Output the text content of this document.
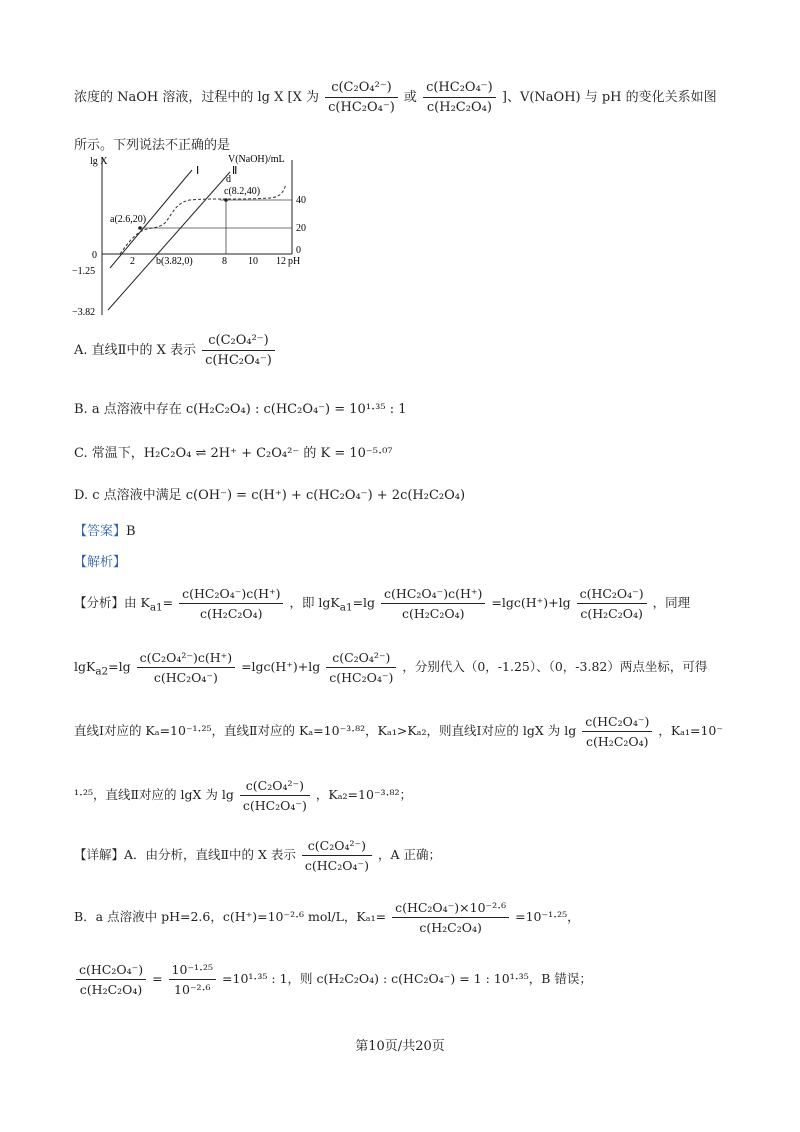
浓度的 NaOH 溶液，过程中的 lg X [X 为 $\frac{\text{c(C₂O₄²⁻)}}{\text{c(HC₂O₄⁻)}}$ 或 $\frac{\text{c(HC₂O₄⁻)}}{\text{c(H₂C₂O₄)}}$ ]、V(NaOH) 与 pH 的变化关系如图
所示。下列说法不正确的是
lg X	V(NaOH)/mL
pH
Ⅰ	Ⅱ
a(2.6,20)
b(3.82,0)
c(8.2,40)
d
0
2	8 10 12
−1.25
−3.82
40
20
0
A. 直线Ⅱ中的 X 表示 $\frac{\text{c(C₂O₄²⁻)}}{\text{c(HC₂O₄⁻)}}$
B. a 点溶液中存在 c(H₂C₂O₄) : c(HC₂O₄⁻) = 10¹·³⁵ : 1
C. 常温下，H₂C₂O₄ ⇌ 2H⁺ + C₂O₄²⁻ 的 K = 10⁻⁵·⁰⁷
D. c 点溶液中满足 c(OH⁻) = c(H⁺) + c(HC₂O₄⁻) + 2c(H₂C₂O₄)
【答案】B
【解析】
【分析】由 $K_{a1}= \frac{\text{c(HC₂O₄⁻)c(H⁺)}}{\text{c(H₂C₂O₄)}}$ ，即 $\lg K_{a1}=\lg \frac{\text{c(HC₂O₄⁻)c(H⁺)}}{\text{c(H₂C₂O₄)}} =\lg c(H^+)+\lg \frac{\text{c(HC₂O₄⁻)}}{\text{c(H₂C₂O₄)}}$ ，同理
$\lg K_{a2}=\lg \frac{\text{c(C₂O₄²⁻)c(H⁺)}}{\text{c(HC₂O₄⁻)}} =\lg c(H^+)+\lg \frac{\text{c(C₂O₄²⁻)}}{\text{c(HC₂O₄⁻)}}$ ，分别代入（0，-1.25）、（0，-3.82）两点坐标，可得
直线Ⅰ对应的 Kₐ=10⁻¹·²⁵，直线Ⅱ对应的 Kₐ=10⁻³·⁸²，Kₐ₁>Kₐ₂，则直线Ⅰ对应的 lgX 为 $\lg \frac{\text{c(HC₂O₄⁻)}}{\text{c(H₂C₂O₄)}}$ ，Kₐ₁=10⁻
¹·²⁵，直线Ⅱ对应的 lgX 为 $\lg \frac{\text{c(C₂O₄²⁻)}}{\text{c(HC₂O₄⁻)}}$ ，Kₐ₂=10⁻³·⁸²；
【详解】A．由分析，直线Ⅱ中的 X 表示 $\frac{\text{c(C₂O₄²⁻)}}{\text{c(HC₂O₄⁻)}}$ ，A 正确；
B．a 点溶液中 pH=2.6，c(H⁺)=10⁻²·⁶ mol/L，$K_{a1}= \frac{\text{c(HC₂O₄⁻)×10⁻²·⁶}}{\text{c(H₂C₂O₄)}} =10^{-1}\cdot^{25}$，
$\frac{\text{c(HC₂O₄⁻)}}{\text{c(H₂C₂O₄)}} = \frac{\text{10⁻¹·²⁵}}{\text{10⁻²·⁶}} =10^1\cdot^{35}$ : 1，则 c(H₂C₂O₄) : c(HC₂O₄⁻) = 1 : 10¹·³⁵，B 错误；
第10页/共20页
